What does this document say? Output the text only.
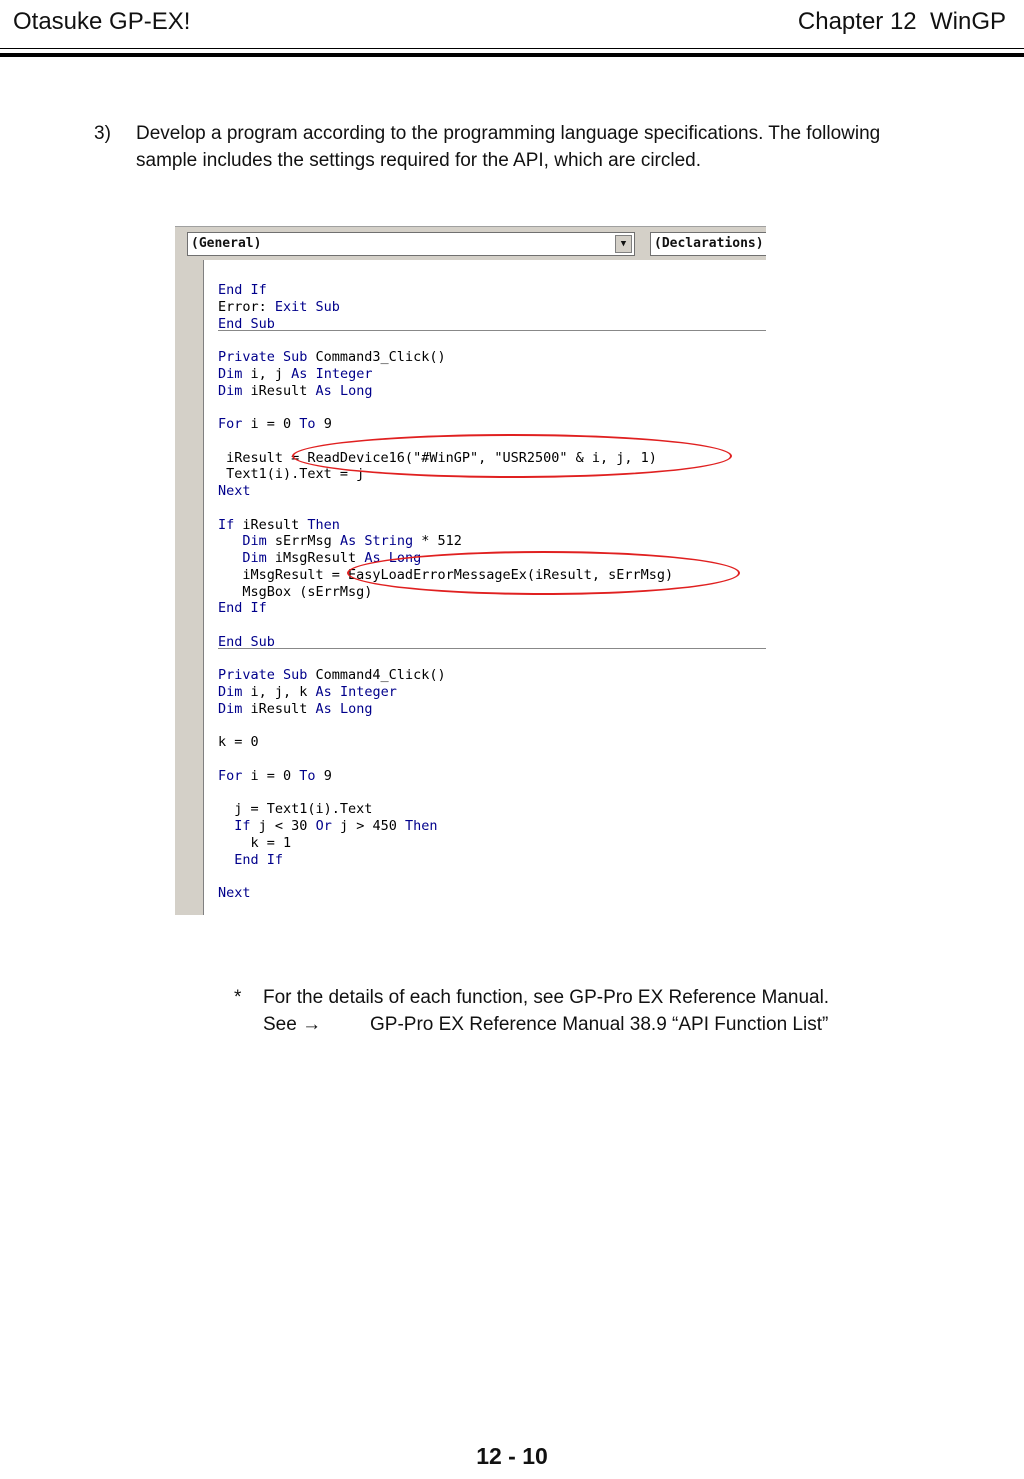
Otasuke GP-EX!	Chapter 12  WinGP
3) Develop a program according to the programming language specifications. The following sample includes the settings required for the API, which are circled.
(General)	▼	(Declarations)
End If
Error: Exit Sub
End Sub
Private Sub Command3_Click()
Dim i, j As Integer
Dim iResult As Long
For i = 0 To 9
iResult = ReadDevice16("#WinGP", "USR2500" & i, j, 1)
Text1(i).Text = j
Next
If iResult Then
Dim sErrMsg As String * 512
Dim iMsgResult As Long
iMsgResult = EasyLoadErrorMessageEx(iResult, sErrMsg)
MsgBox (sErrMsg)
End If
End Sub
Private Sub Command4_Click()
Dim i, j, k As Integer
Dim iResult As Long
k = 0
For i = 0 To 9
j = Text1(i).Text
If j < 30 Or j > 450 Then
k = 1
End If
Next
* For the details of each function, see GP-Pro EX Reference Manual.
See →	GP-Pro EX Reference Manual 38.9 “API Function List”
12 - 10
